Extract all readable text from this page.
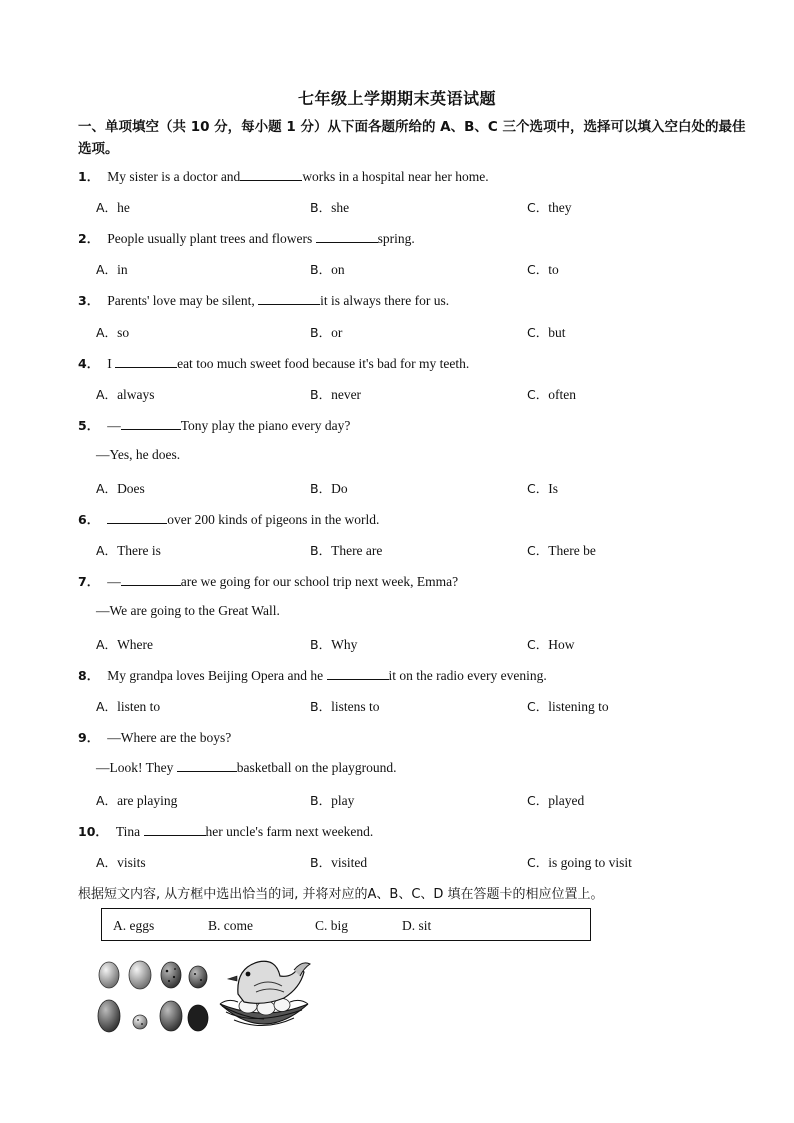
七年级上学期期末英语试题
一、单项填空（共 10 分，每小题 1 分）从下面各题所给的 A、B、C 三个选项中，选择可以填入空白处的最佳选项。
1． My sister is a doctor and	works in a hospital near her home.
A．he	B．she	C．they
2． People usually plant trees and flowers	spring.
A．in	B．on	C．to
3． Parents' love may be silent,	it is always there for us.
A．so	B．or	C．but
4． I	eat too much sweet food because it's bad for my teeth.
A．always	B．never	C．often
5． —	Tony play the piano every day?
—Yes, he does.
A．Does	B．Do	C．Is
6．	over 200 kinds of pigeons in the world.
A．There is	B．There are	C．There be
7． —	are we going for our school trip next week, Emma?
—We are going to the Great Wall.
A．Where	B．Why	C．How
8． My grandpa loves Beijing Opera and he	it on the radio every evening.
A．listen to	B．listens to	C．listening to
9． —Where are the boys?
—Look! They	basketball on the playground.
A．are playing	B．play	C．played
10． Tina	her uncle's farm next weekend.
A．visits	B．visited	C．is going to visit
根据短文内容, 从方框中选出恰当的词, 并将对应的A、B、C、D 填在答题卡的相应位置上。
A. eggs	B. come	C. big	D. sit
